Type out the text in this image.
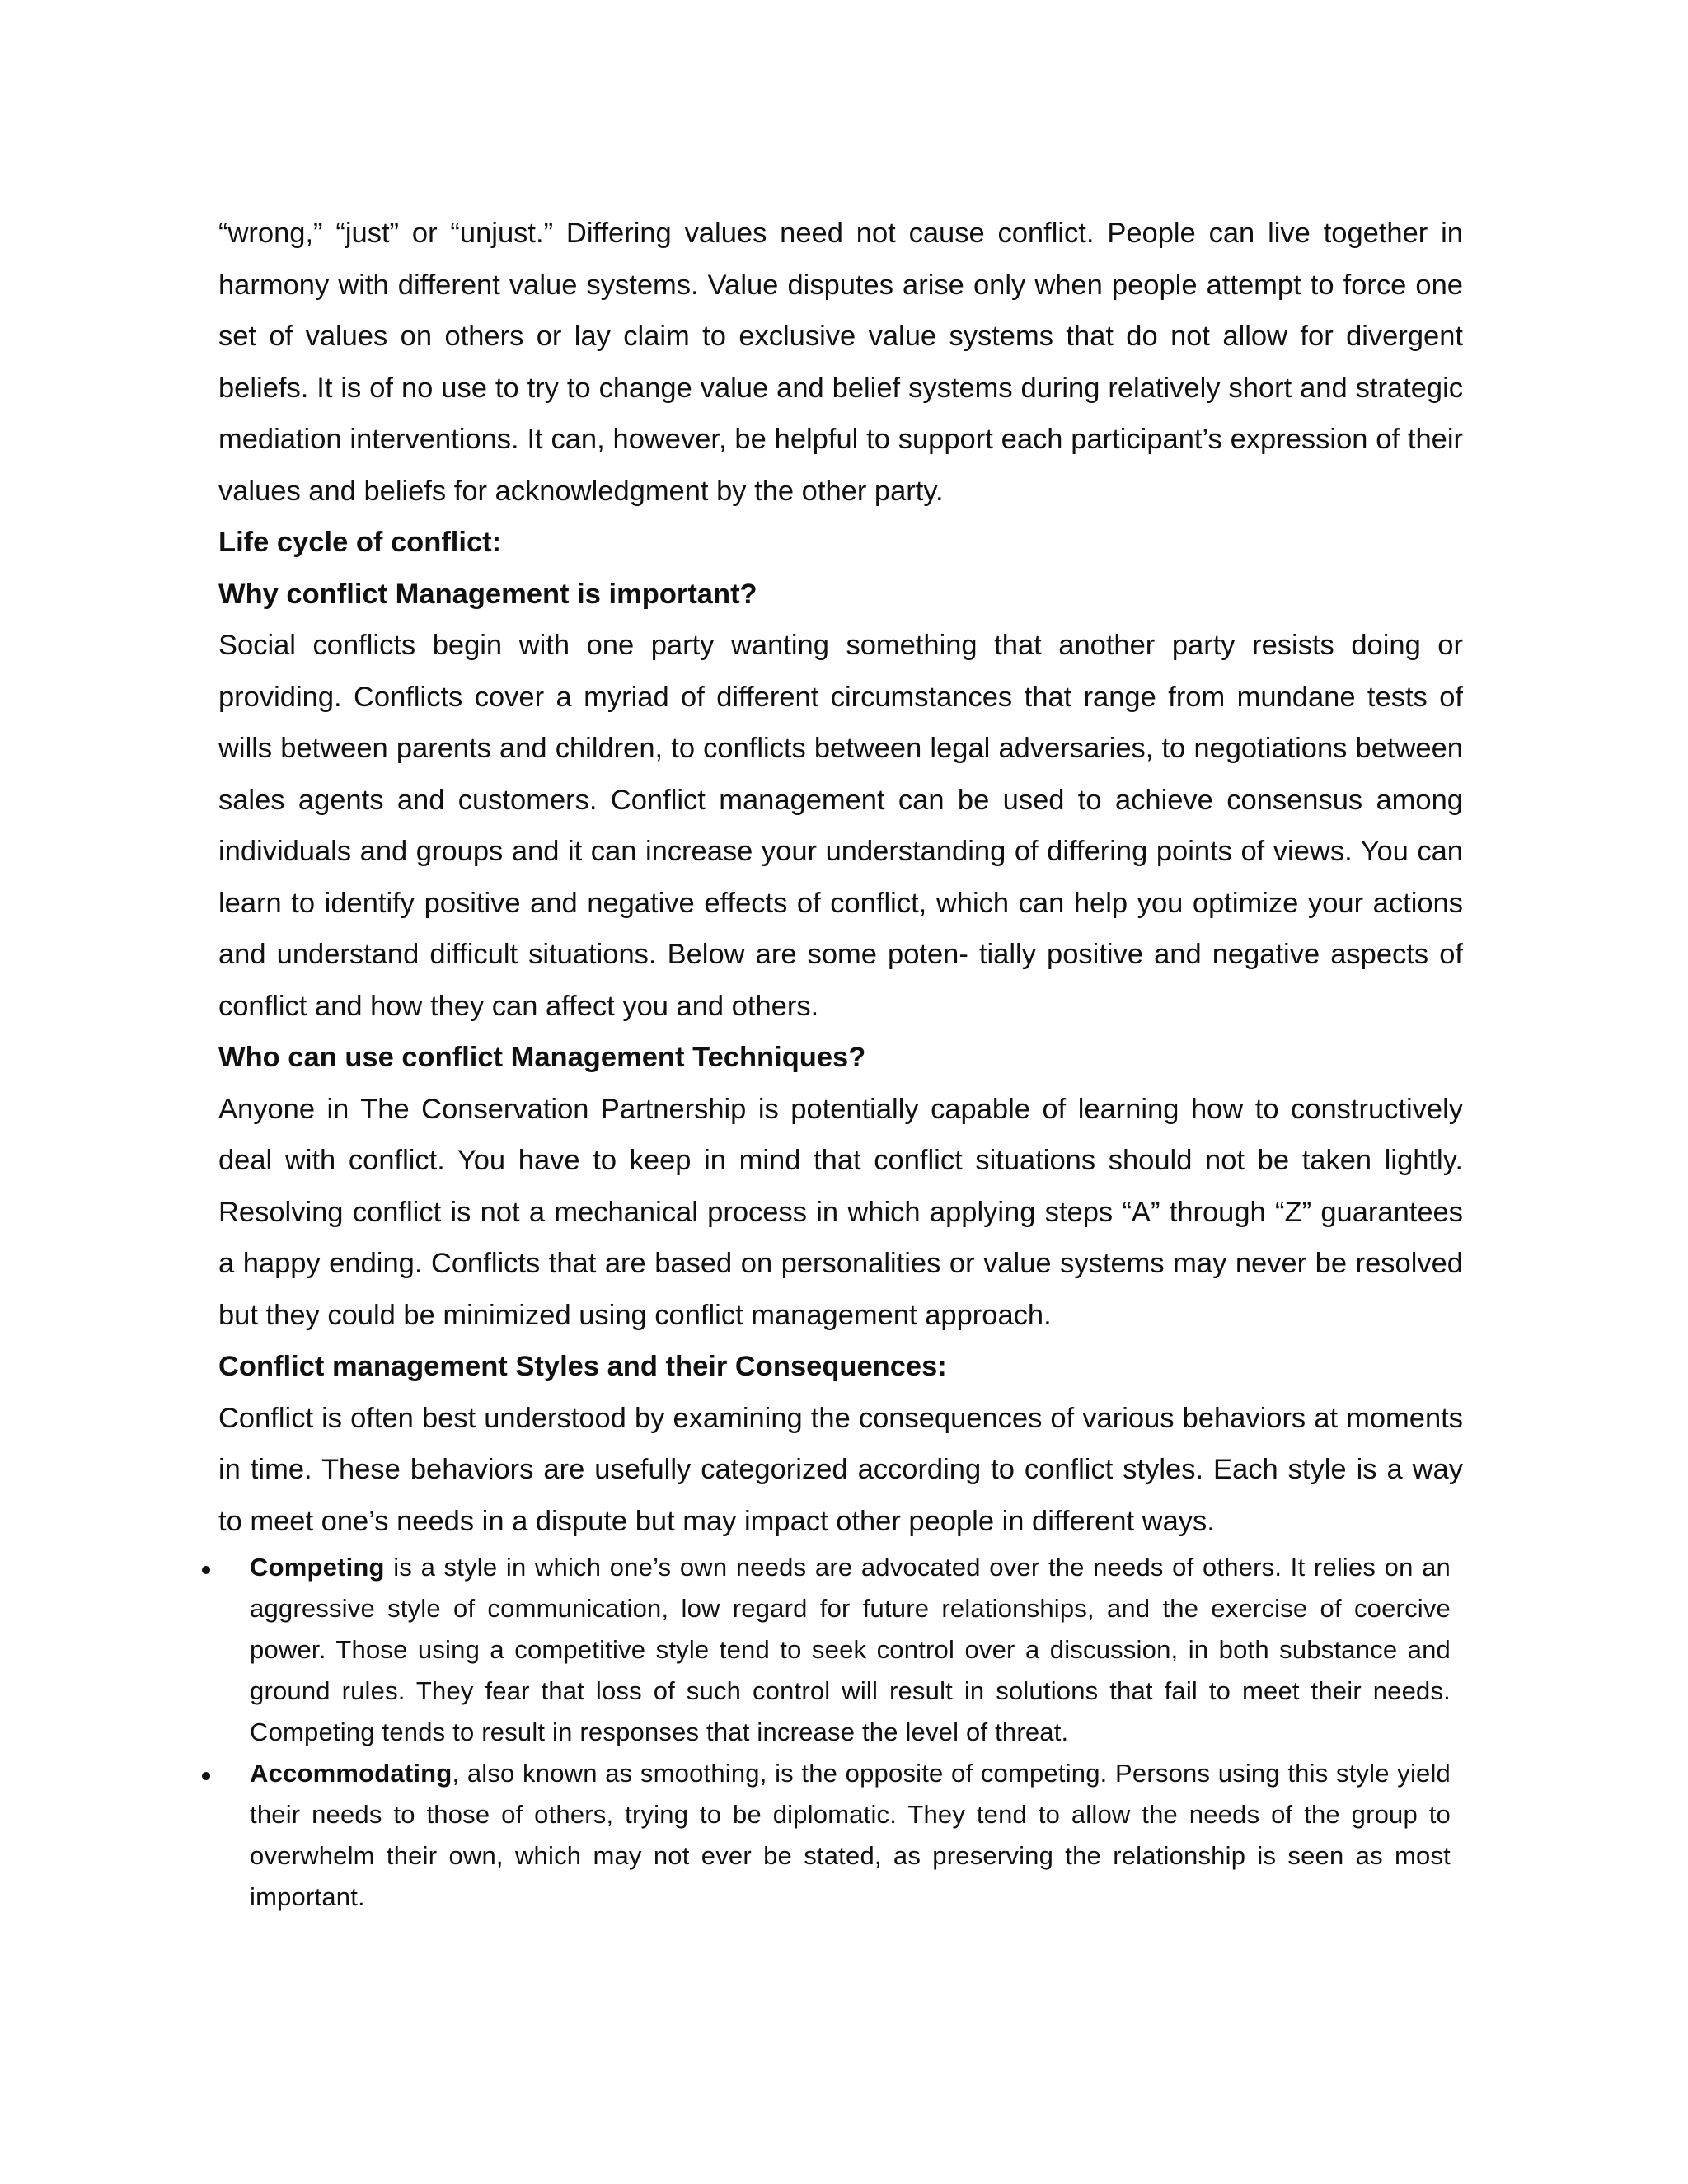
“wrong,” “just” or “unjust.” Differing values need not cause conflict. People can live together in harmony with different value systems. Value disputes arise only when people attempt to force one set of values on others or lay claim to exclusive value systems that do not allow for divergent beliefs. It is of no use to try to change value and belief systems during relatively short and strategic mediation interventions. It can, however, be helpful to support each participant’s expression of their values and beliefs for acknowledgment by the other party.

Life cycle of conflict:

Why conflict Management is important?

Social conflicts begin with one party wanting something that another party resists doing or providing. Conflicts cover a myriad of different circumstances that range from mundane tests of wills between parents and children, to conflicts between legal adversaries, to negotiations between sales agents and customers. Conflict management can be used to achieve consensus among individuals and groups and it can increase your understanding of differing points of views. You can learn to identify positive and negative effects of conflict, which can help you optimize your actions and understand difficult situations. Below are some poten- tially positive and negative aspects of conflict and how they can affect you and others.

Who can use conflict Management Techniques?

Anyone in The Conservation Partnership is potentially capable of learning how to constructively deal with conflict. You have to keep in mind that conflict situations should not be taken lightly. Resolving conflict is not a mechanical process in which applying steps “A” through “Z” guarantees a happy ending. Conflicts that are based on personalities or value systems may never be resolved but they could be minimized using conflict management approach.

Conflict management Styles and their Consequences:

Conflict is often best understood by examining the consequences of various behaviors at moments in time. These behaviors are usefully categorized according to conflict styles. Each style is a way to meet one’s needs in a dispute but may impact other people in different ways.

Competing is a style in which one’s own needs are advocated over the needs of others. It relies on an aggressive style of communication, low regard for future relationships, and the exercise of coercive power. Those using a competitive style tend to seek control over a discussion, in both substance and ground rules. They fear that loss of such control will result in solutions that fail to meet their needs. Competing tends to result in responses that increase the level of threat.
Accommodating, also known as smoothing, is the opposite of competing. Persons using this style yield their needs to those of others, trying to be diplomatic. They tend to allow the needs of the group to overwhelm their own, which may not ever be stated, as preserving the relationship is seen as most important.
